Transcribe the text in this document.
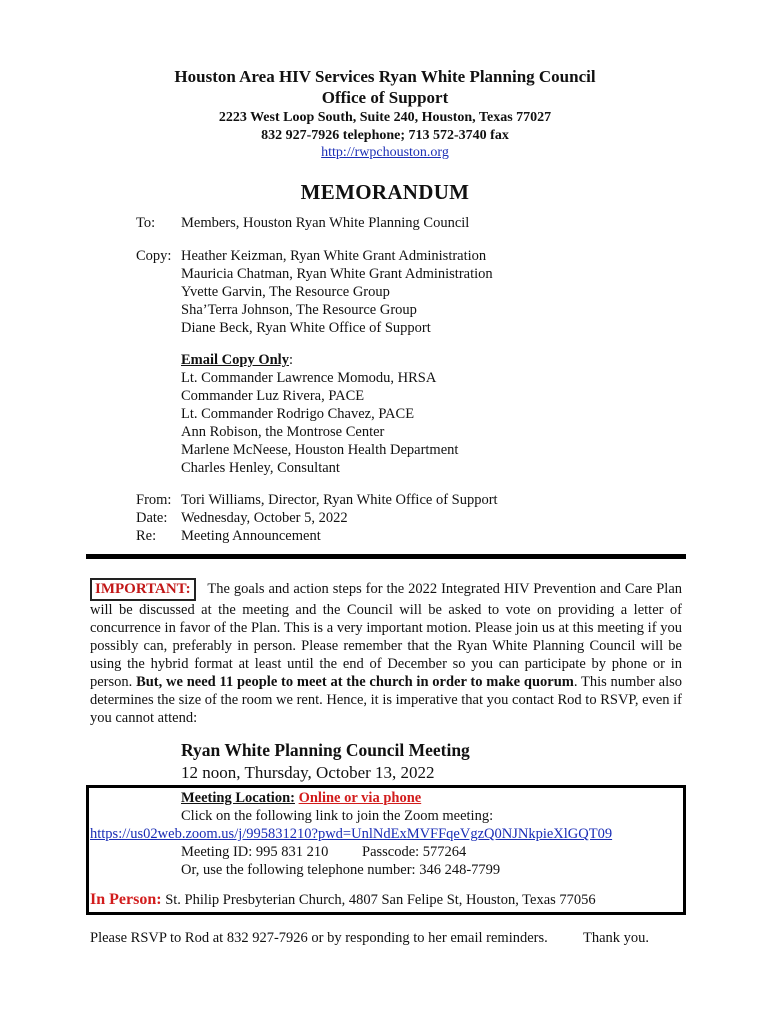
Houston Area HIV Services Ryan White Planning Council
Office of Support
2223 West Loop South, Suite 240, Houston, Texas 77027
832 927-7926 telephone; 713 572-3740 fax
http://rwpchouston.org
MEMORANDUM
To: Members, Houston Ryan White Planning Council
Copy: Heather Keizman, Ryan White Grant Administration
Mauricia Chatman, Ryan White Grant Administration
Yvette Garvin, The Resource Group
Sha’Terra Johnson, The Resource Group
Diane Beck, Ryan White Office of Support
Email Copy Only:
Lt. Commander Lawrence Momodu, HRSA
Commander Luz Rivera, PACE
Lt. Commander Rodrigo Chavez, PACE
Ann Robison, the Montrose Center
Marlene McNeese, Houston Health Department
Charles Henley, Consultant
From: Tori Williams, Director, Ryan White Office of Support
Date: Wednesday, October 5, 2022
Re: Meeting Announcement
IMPORTANT: The goals and action steps for the 2022 Integrated HIV Prevention and Care Plan will be discussed at the meeting and the Council will be asked to vote on providing a letter of concurrence in favor of the Plan. This is a very important motion. Please join us at this meeting if you possibly can, preferably in person. Please remember that the Ryan White Planning Council will be using the hybrid format at least until the end of December so you can participate by phone or in person. But, we need 11 people to meet at the church in order to make quorum. This number also determines the size of the room we rent. Hence, it is imperative that you contact Rod to RSVP, even if you cannot attend:
Ryan White Planning Council Meeting
12 noon, Thursday, October 13, 2022
Meeting Location: Online or via phone
Click on the following link to join the Zoom meeting:
https://us02web.zoom.us/j/995831210?pwd=UnlNdExMVFFqeVgzQ0NJNkpieXlGQT09
Meeting ID: 995 831 210 Passcode: 577264
Or, use the following telephone number: 346 248-7799
In Person: St. Philip Presbyterian Church, 4807 San Felipe St, Houston, Texas 77056
Please RSVP to Rod at 832 927-7926 or by responding to her email reminders. Thank you.
